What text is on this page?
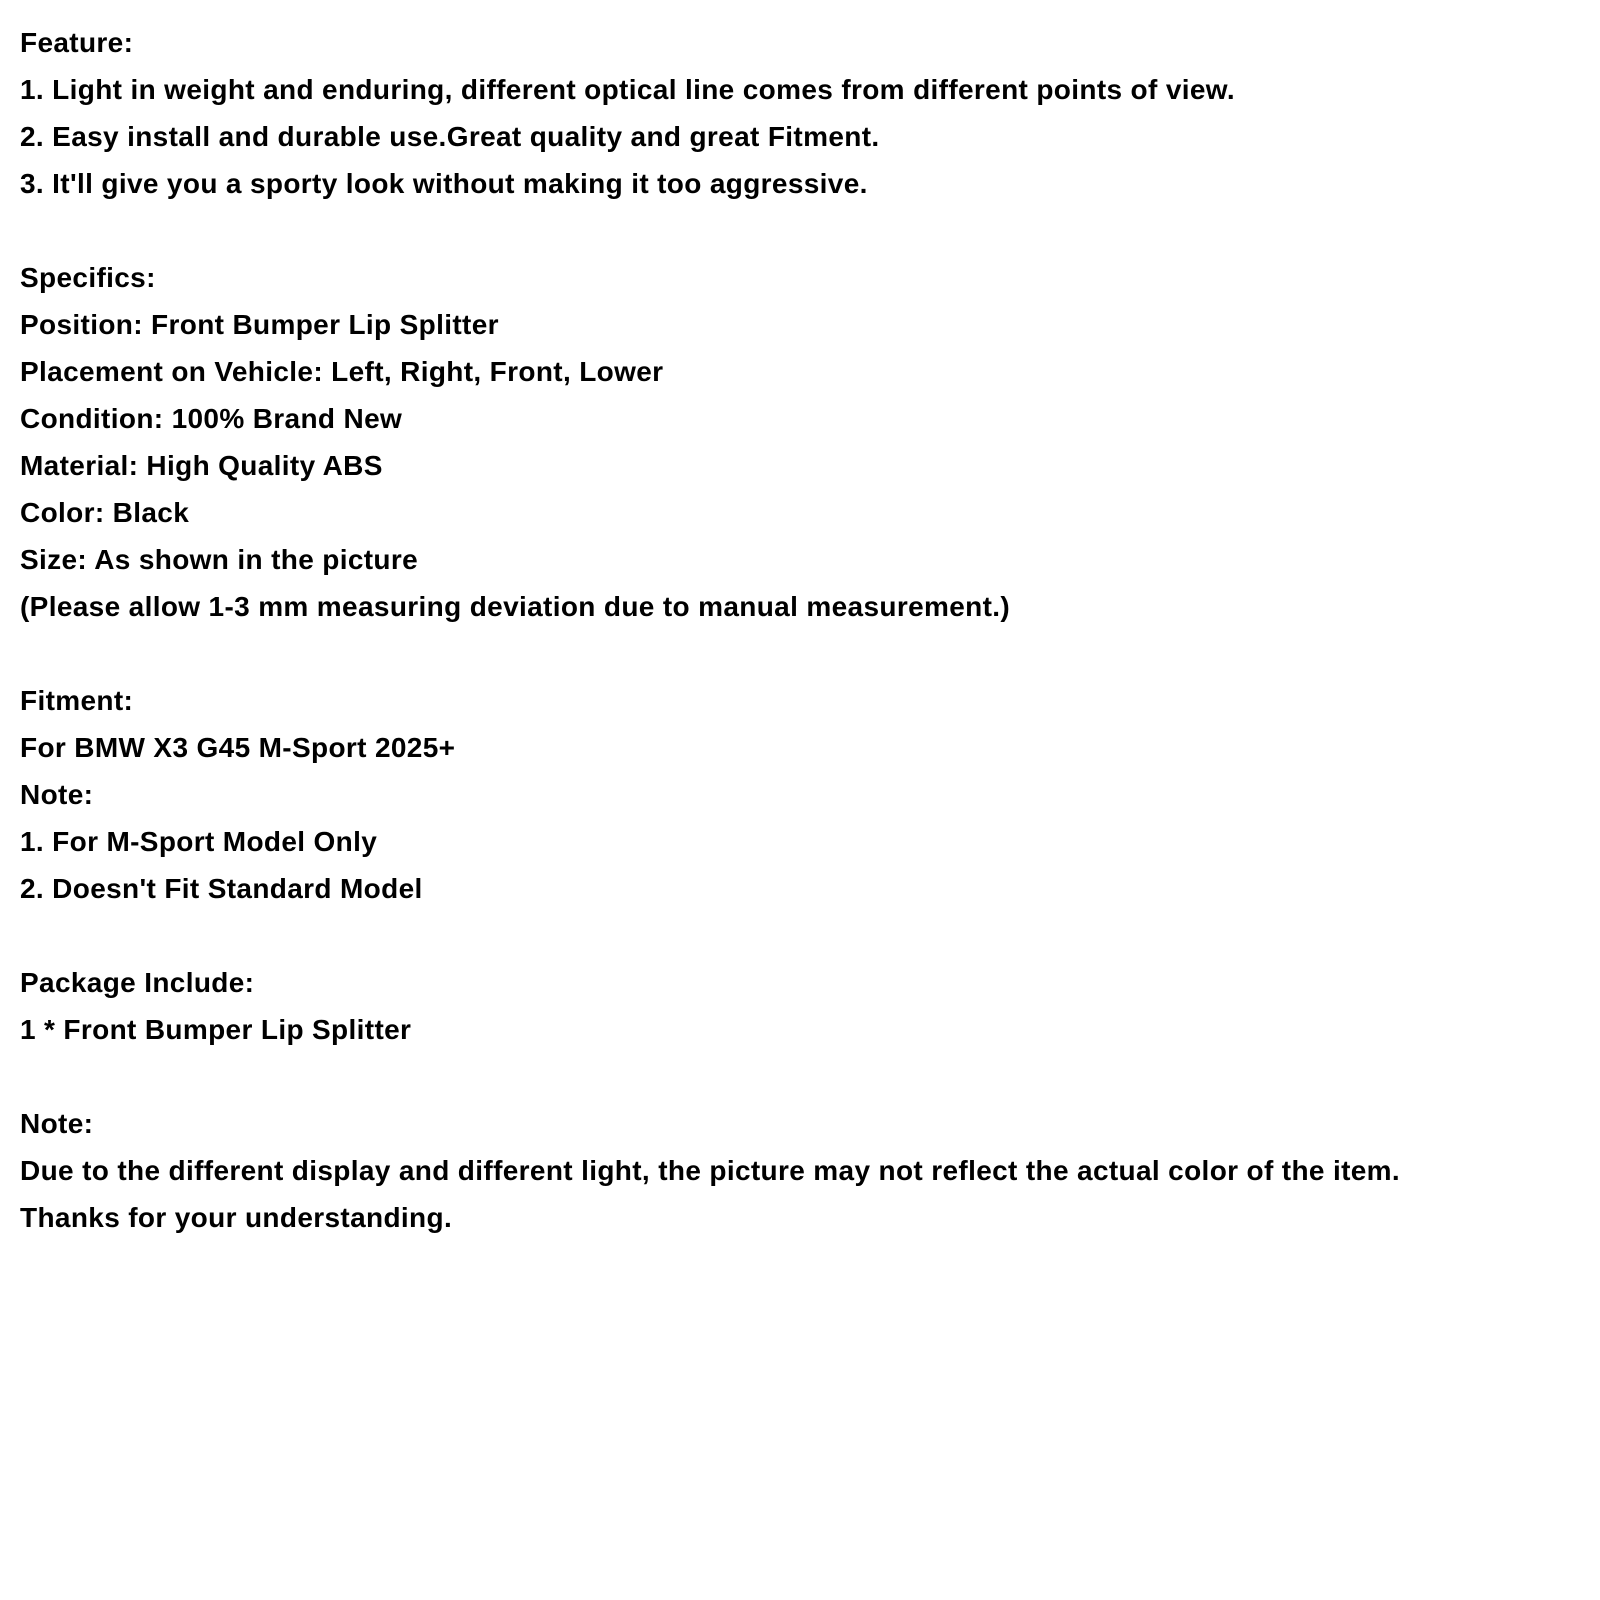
Feature:
1. Light in weight and enduring, different optical line comes from different points of view.
2. Easy install and durable use.Great quality and great Fitment.
3. It'll give you a sporty look without making it too aggressive.
Specifics:
Position: Front Bumper Lip Splitter
Placement on Vehicle: Left, Right, Front, Lower
Condition: 100% Brand New
Material: High Quality ABS
Color: Black
Size: As shown in the picture
(Please allow 1-3 mm measuring deviation due to manual measurement.)
Fitment:
For BMW X3 G45 M-Sport 2025+
Note:
1. For M-Sport Model Only
2. Doesn't Fit Standard Model
Package Include:
1 * Front Bumper Lip Splitter
Note:
Due to the different display and different light, the picture may not reflect the actual color of the item.
Thanks for your understanding.
